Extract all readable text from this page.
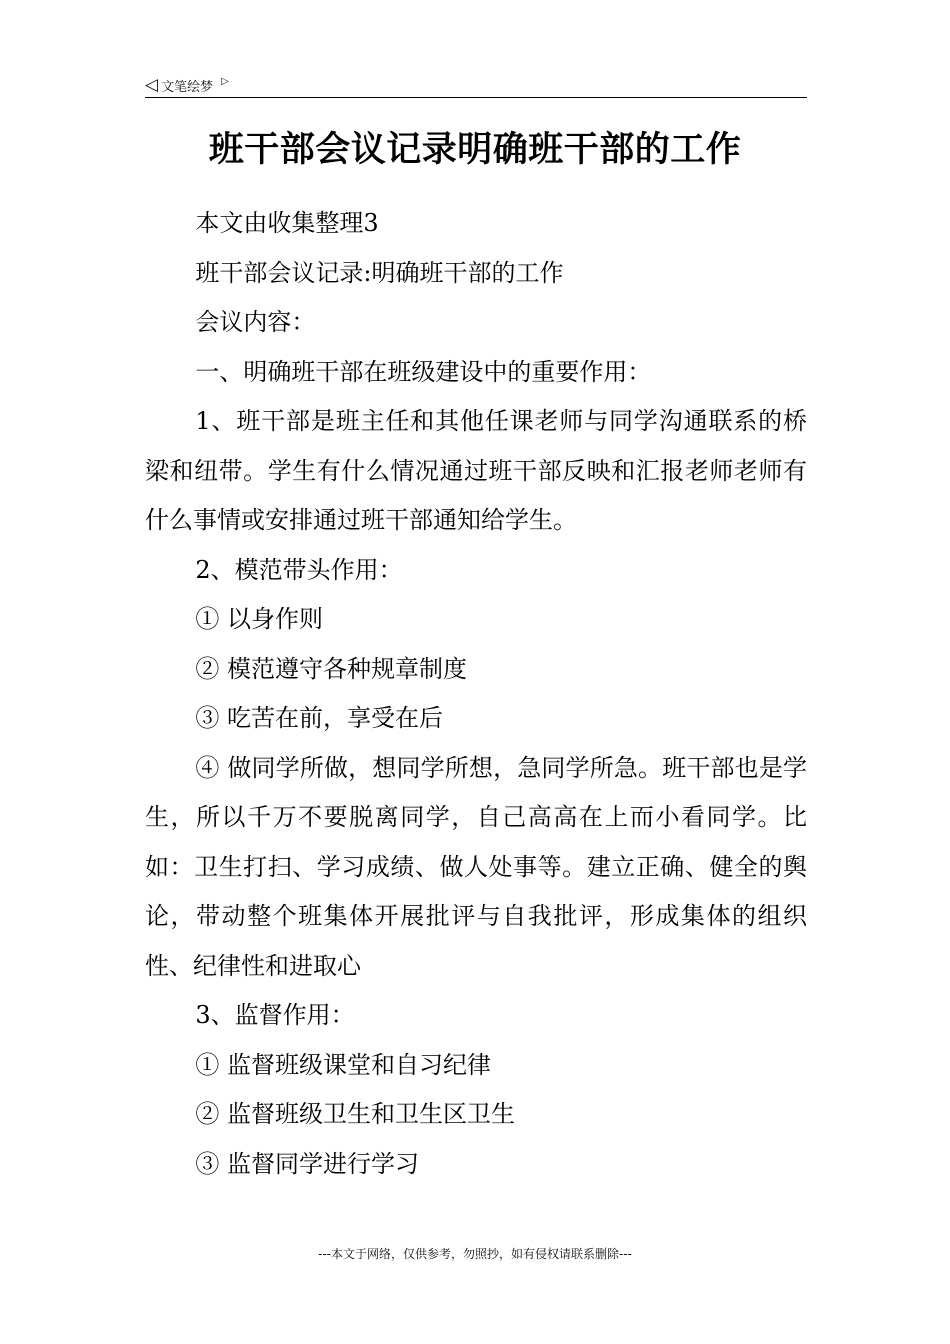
◁ 文笔绘梦 ▷
班干部会议记录明确班干部的工作

本文由收集整理3

班干部会议记录:明确班干部的工作

会议内容：

一、明确班干部在班级建设中的重要作用：

1、班干部是班主任和其他任课老师与同学沟通联系的桥梁和纽带。学生有什么情况通过班干部反映和汇报老师老师有什么事情或安排通过班干部通知给学生。

2、模范带头作用：

① 以身作则

② 模范遵守各种规章制度

③ 吃苦在前，享受在后

④ 做同学所做，想同学所想，急同学所急。班干部也是学生，所以千万不要脱离同学，自己高高在上而小看同学。比如：卫生打扫、学习成绩、做人处事等。建立正确、健全的舆论，带动整个班集体开展批评与自我批评，形成集体的组织性、纪律性和进取心

3、监督作用：

① 监督班级课堂和自习纪律

② 监督班级卫生和卫生区卫生

③ 监督同学进行学习

---本文于网络，仅供参考，勿照抄，如有侵权请联系删除---
